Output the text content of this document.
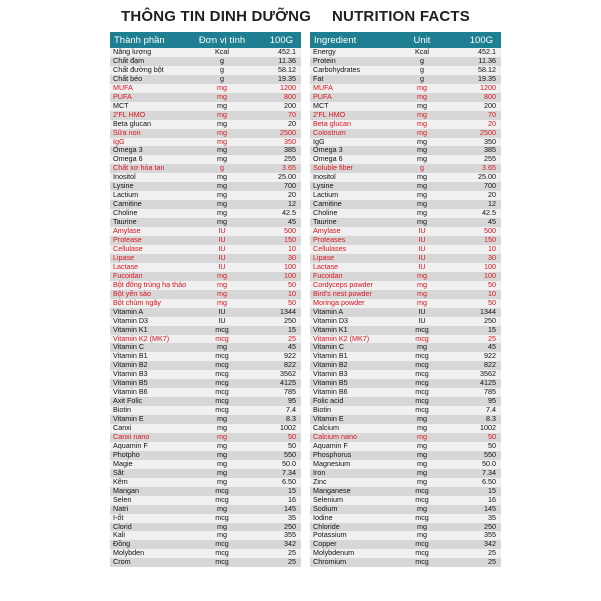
THÔNG TIN DINH DƯỠNG NUTRITION FACTS
Thành phần	Đơn vị tính	100G
Năng lượng	Kcal	452.1
Chất đạm	g	11.36
Chất đường bột	g	58.12
Chất béo	g	19.35
MUFA	mg	1200
PUFA	mg	800
MCT	mg	200
2'FL HMO	mg	70
Beta glucan	mg	20
Sữa non	mg	2500
IgG	mg	350
Omega 3	mg	385
Omega 6	mg	255
Chất xơ hòa tan	g	3.65
Inositol	mg	25.00
Lysine	mg	700
Lactium	mg	20
Carnitine	mg	12
Choline	mg	42.5
Taurine	mg	45
Amylase	IU	500
Protease	IU	150
Cellulase	IU	10
Lipase	IU	30
Lactase	IU	100
Fucoidan	mg	100
Bột đông trùng hạ thảo	mg	50
Bột yến sào	mg	10
Bột chùm ngây	mg	50
Vitamin A	IU	1344
Vitamin D3	IU	250
Vitamin K1	mcg	15
Vitamin K2 (MK7)	mcg	25
Vitamin C	mg	45
Vitamin B1	mcg	922
Vitamin B2	mcg	822
Vitamin B3	mcg	3562
Vitamin B5	mcg	4125
Vitamin B6	mcg	785
Axit Folic	mcg	95
Biotin	mcg	7.4
Vitamin E	mg	8.3
Canxi	mg	1002
Canxi nano	mg	50
Aquamin F	mg	50
Photpho	mg	550
Magie	mg	50.0
Sắt	mg	7.34
Kẽm	mg	6.50
Mangan	mcg	15
Selen	mcg	16
Natri	mg	145
I-ốt	mcg	35
Clorid	mg	250
Kali	mg	355
Đồng	mcg	342
Molybden	mcg	25
Crom	mcg	25
Ingredient	Unit	100G
Energy	Kcal	452.1
Protein	g	11.36
Carbohydrates	g	58.12
Fat	g	19.35
MUFA	mg	1200
PUFA	mg	800
MCT	mg	200
2'FL HMO	mg	70
Beta glucan	mg	20
Colostrum	mg	2500
IgG	mg	350
Omega 3	mg	385
Omega 6	mg	255
Soluble fiber	g	3.65
Inositol	mg	25.00
Lysine	mg	700
Lactium	mg	20
Carnitine	mg	12
Choline	mg	42.5
Taurine	mg	45
Amylase	IU	500
Proteases	IU	150
Cellulases	IU	10
Lipase	IU	30
Lactase	IU	100
Fucoidan	mg	100
Cordyceps powder	mg	50
Bird's nest powder	mg	10
Moringa powder	mg	50
Vitamin A	IU	1344
Vitamin D3	IU	250
Vitamin K1	mcg	15
Vitamin K2 (MK7)	mcg	25
Vitamin C	mg	45
Vitamin B1	mcg	922
Vitamin B2	mcg	822
Vitamin B3	mcg	3562
Vitamin B5	mcg	4125
Vitamin B6	mcg	785
Folic acid	mcg	95
Biotin	mcg	7.4
Vitamin E	mg	8.3
Calcium	mg	1002
Calcium nano	mg	50
Aquamin F	mg	50
Phosphorus	mg	550
Magnesium	mg	50.0
Iron	mg	7.34
Zinc	mg	6.50
Manganese	mcg	15
Selenium	mcg	16
Sodium	mg	145
Iodine	mcg	35
Chloride	mg	250
Potassium	mg	355
Copper	mcg	342
Molybdenum	mcg	25
Chromium	mcg	25
